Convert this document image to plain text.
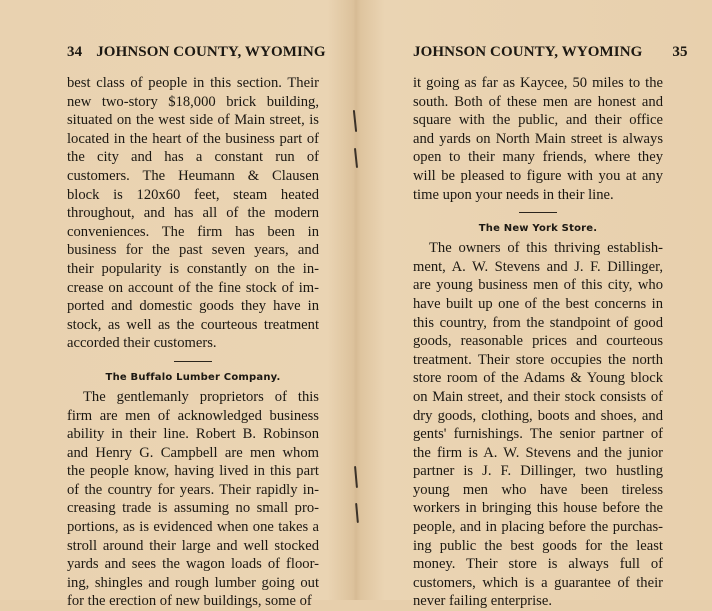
34 JOHNSON COUNTY, WYOMING
best class of people in this section. Their
new two-story $18,000 brick building,
situated on the west side of Main street, is
located in the heart of the business part of
the city and has a constant run of
customers. The Heumann & Clausen
block is 120x60 feet, steam heated
throughout, and has all of the modern
conveniences. The firm has been in
business for the past seven years, and
their popularity is constantly on the in-
crease on account of the fine stock of im-
ported and domestic goods they have in
stock, as well as the courteous treatment
accorded their customers.
The Buffalo Lumber Company.
The gentlemanly proprietors of this
firm are men of acknowledged business
ability in their line. Robert B. Robinson
and Henry G. Campbell are men whom
the people know, having lived in this part
of the country for years. Their rapidly in-
creasing trade is assuming no small pro-
portions, as is evidenced when one takes a
stroll around their large and well stocked
yards and sees the wagon loads of floor-
ing, shingles and rough lumber going out
for the erection of new buildings, some of
JOHNSON COUNTY, WYOMING 35
it going as far as Kaycee, 50 miles to the
south. Both of these men are honest and
square with the public, and their office
and yards on North Main street is always
open to their many friends, where they
will be pleased to figure with you at any
time upon your needs in their line.
The New York Store.
The owners of this thriving establish-
ment, A. W. Stevens and J. F. Dillinger,
are young business men of this city, who
have built up one of the best concerns in
this country, from the standpoint of good
goods, reasonable prices and courteous
treatment. Their store occupies the north
store room of the Adams & Young block
on Main street, and their stock consists of
dry goods, clothing, boots and shoes, and
gents' furnishings. The senior partner of
the firm is A. W. Stevens and the junior
partner is J. F. Dillinger, two hustling
young men who have been tireless
workers in bringing this house before the
people, and in placing before the purchas-
ing public the best goods for the least
money. Their store is always full of
customers, which is a guarantee of their
never failing enterprise.
